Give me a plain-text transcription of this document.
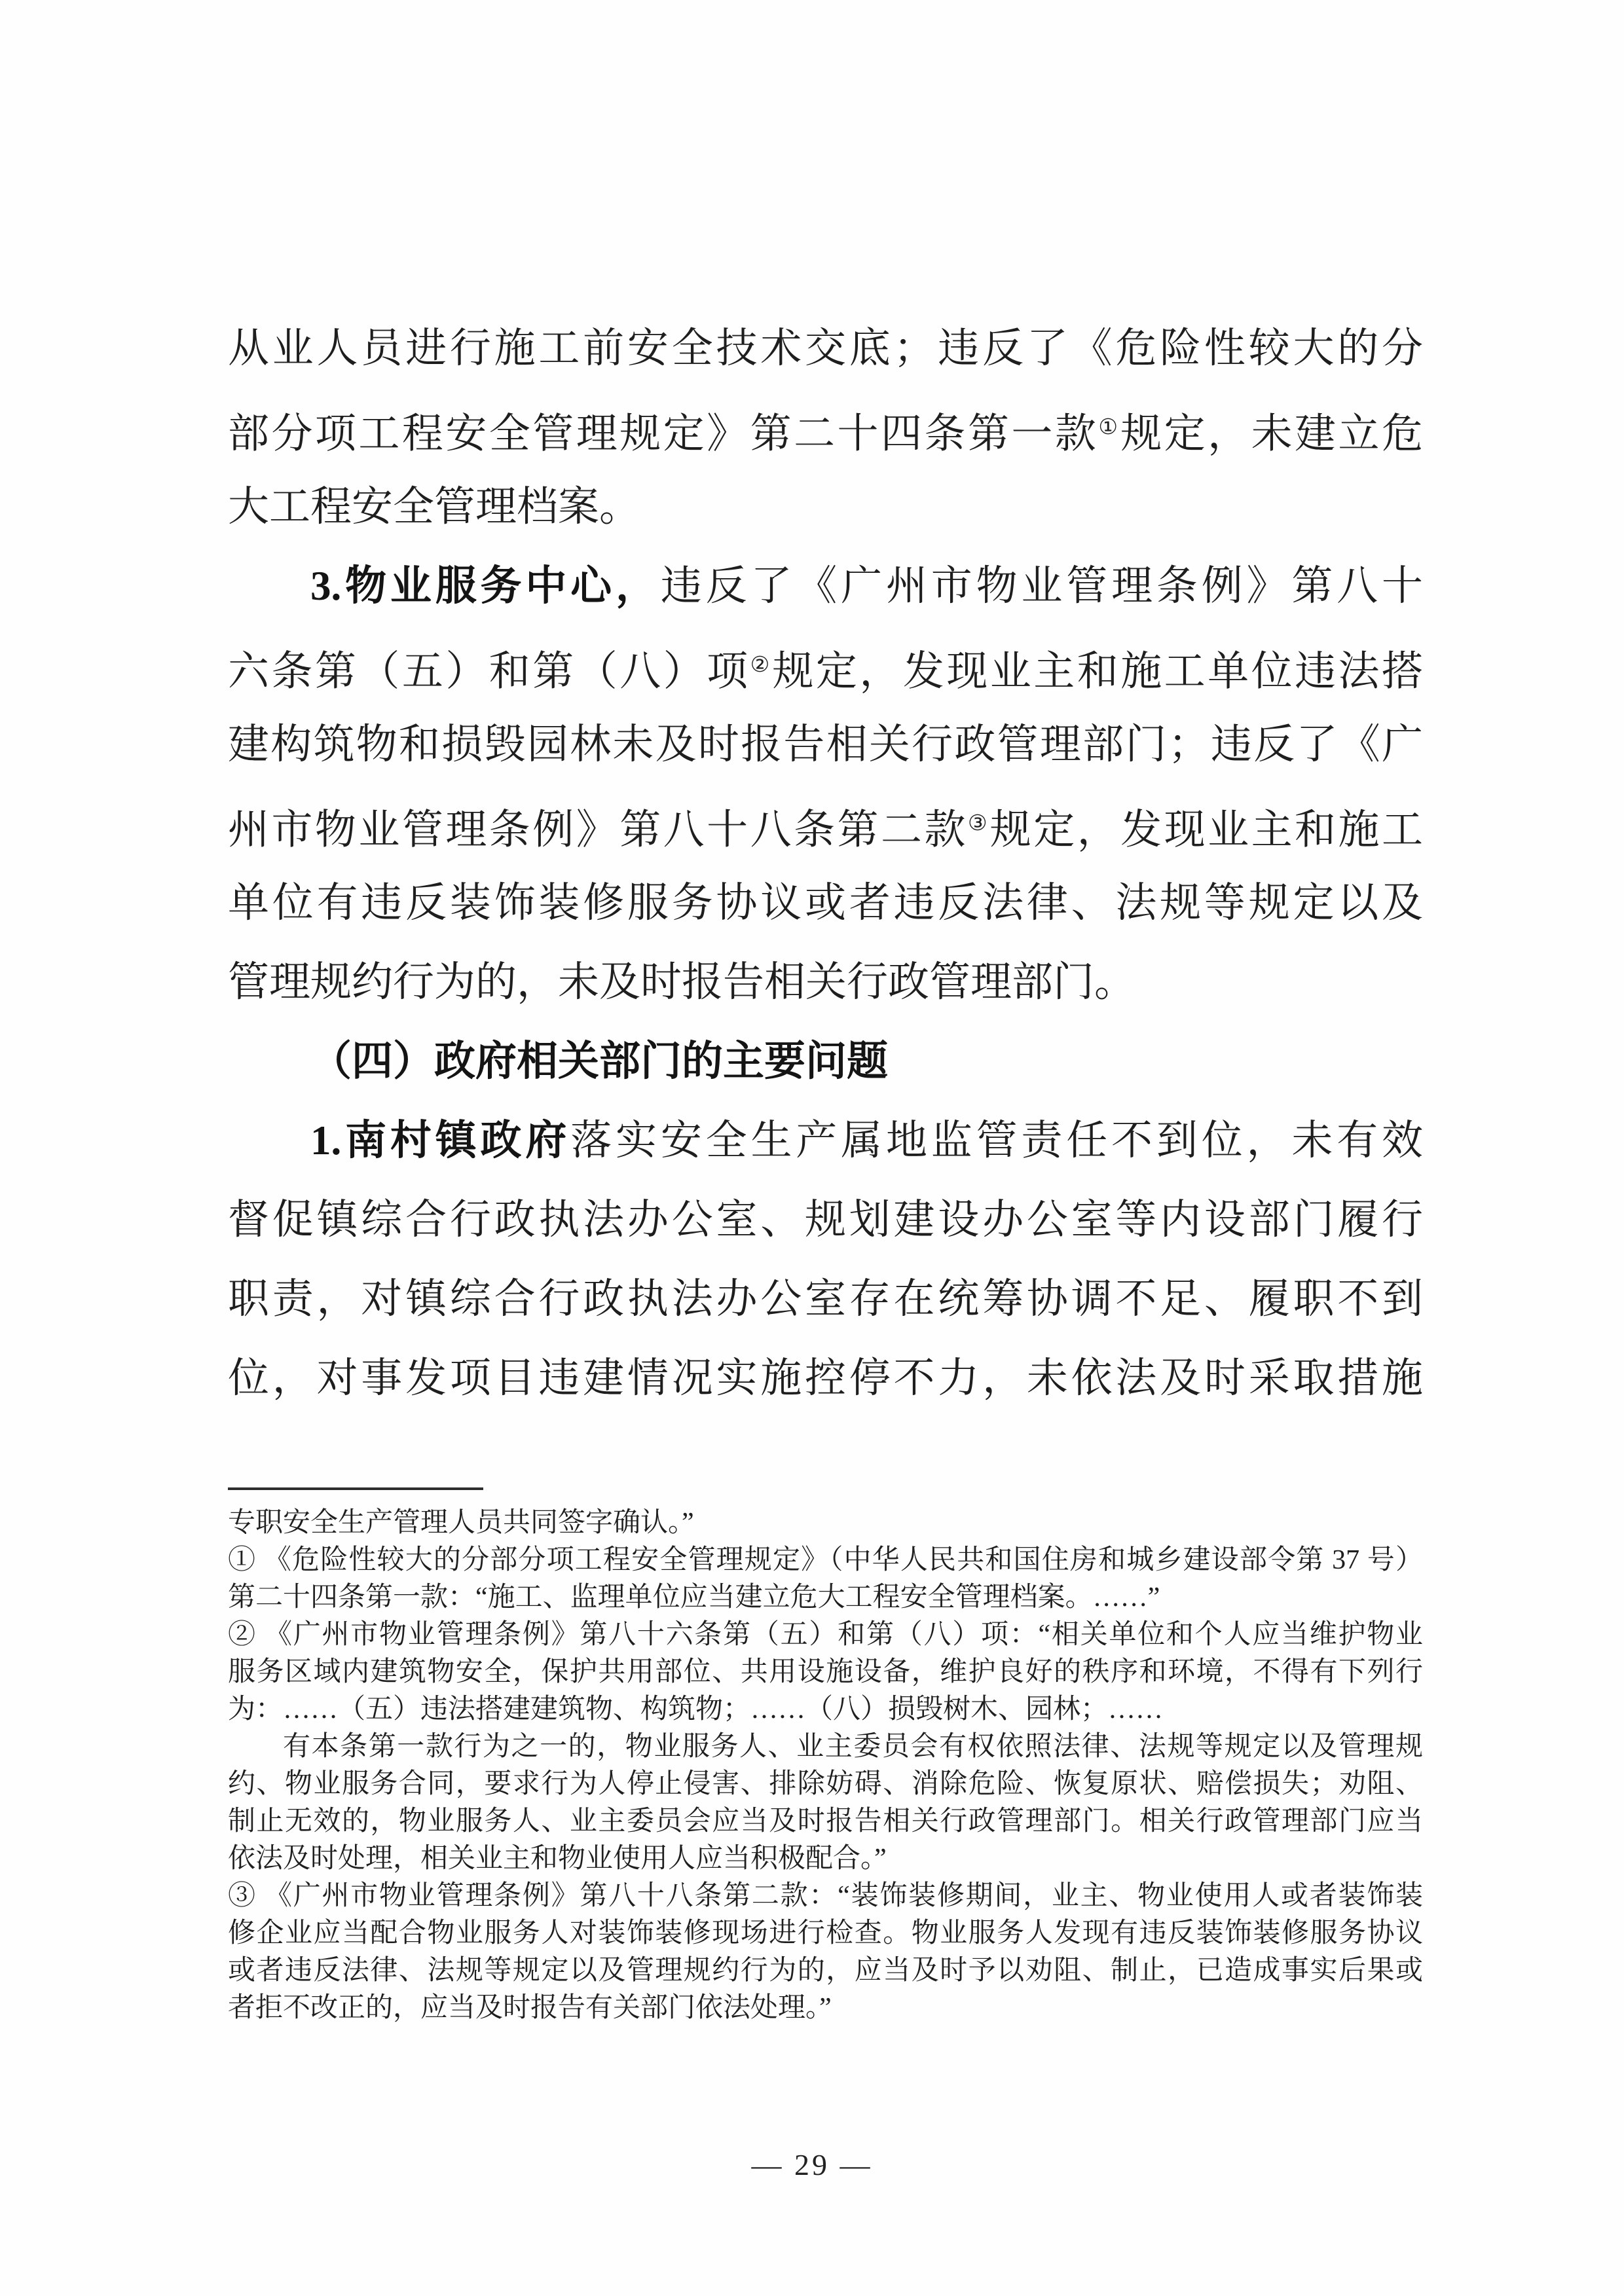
从业人员进行施工前安全技术交底；违反了《危险性较大的分
部分项工程安全管理规定》第二十四条第一款①规定，未建立危
大工程安全管理档案。
3.物业服务中心，违反了《广州市物业管理条例》第八十
六条第（五）和第（八）项②规定，发现业主和施工单位违法搭
建构筑物和损毁园林未及时报告相关行政管理部门；违反了《广
州市物业管理条例》第八十八条第二款③规定，发现业主和施工
单位有违反装饰装修服务协议或者违反法律、法规等规定以及
管理规约行为的，未及时报告相关行政管理部门。
（四）政府相关部门的主要问题
1.南村镇政府落实安全生产属地监管责任不到位，未有效
督促镇综合行政执法办公室、规划建设办公室等内设部门履行
职责，对镇综合行政执法办公室存在统筹协调不足、履职不到
位，对事发项目违建情况实施控停不力，未依法及时采取措施
专职安全生产管理人员共同签字确认。”
① 《危险性较大的分部分项工程安全管理规定》（中华人民共和国住房和城乡建设部令第 37 号）
第二十四条第一款：“施工、监理单位应当建立危大工程安全管理档案。……”
② 《广州市物业管理条例》第八十六条第（五）和第（八）项：“相关单位和个人应当维护物业
服务区域内建筑物安全，保护共用部位、共用设施设备，维护良好的秩序和环境，不得有下列行
为：……（五）违法搭建建筑物、构筑物；……（八）损毁树木、园林；……
有本条第一款行为之一的，物业服务人、业主委员会有权依照法律、法规等规定以及管理规
约、物业服务合同，要求行为人停止侵害、排除妨碍、消除危险、恢复原状、赔偿损失；劝阻、
制止无效的，物业服务人、业主委员会应当及时报告相关行政管理部门。相关行政管理部门应当
依法及时处理，相关业主和物业使用人应当积极配合。”
③ 《广州市物业管理条例》第八十八条第二款：“装饰装修期间，业主、物业使用人或者装饰装
修企业应当配合物业服务人对装饰装修现场进行检查。物业服务人发现有违反装饰装修服务协议
或者违反法律、法规等规定以及管理规约行为的，应当及时予以劝阻、制止，已造成事实后果或
者拒不改正的，应当及时报告有关部门依法处理。”
— 29 —
